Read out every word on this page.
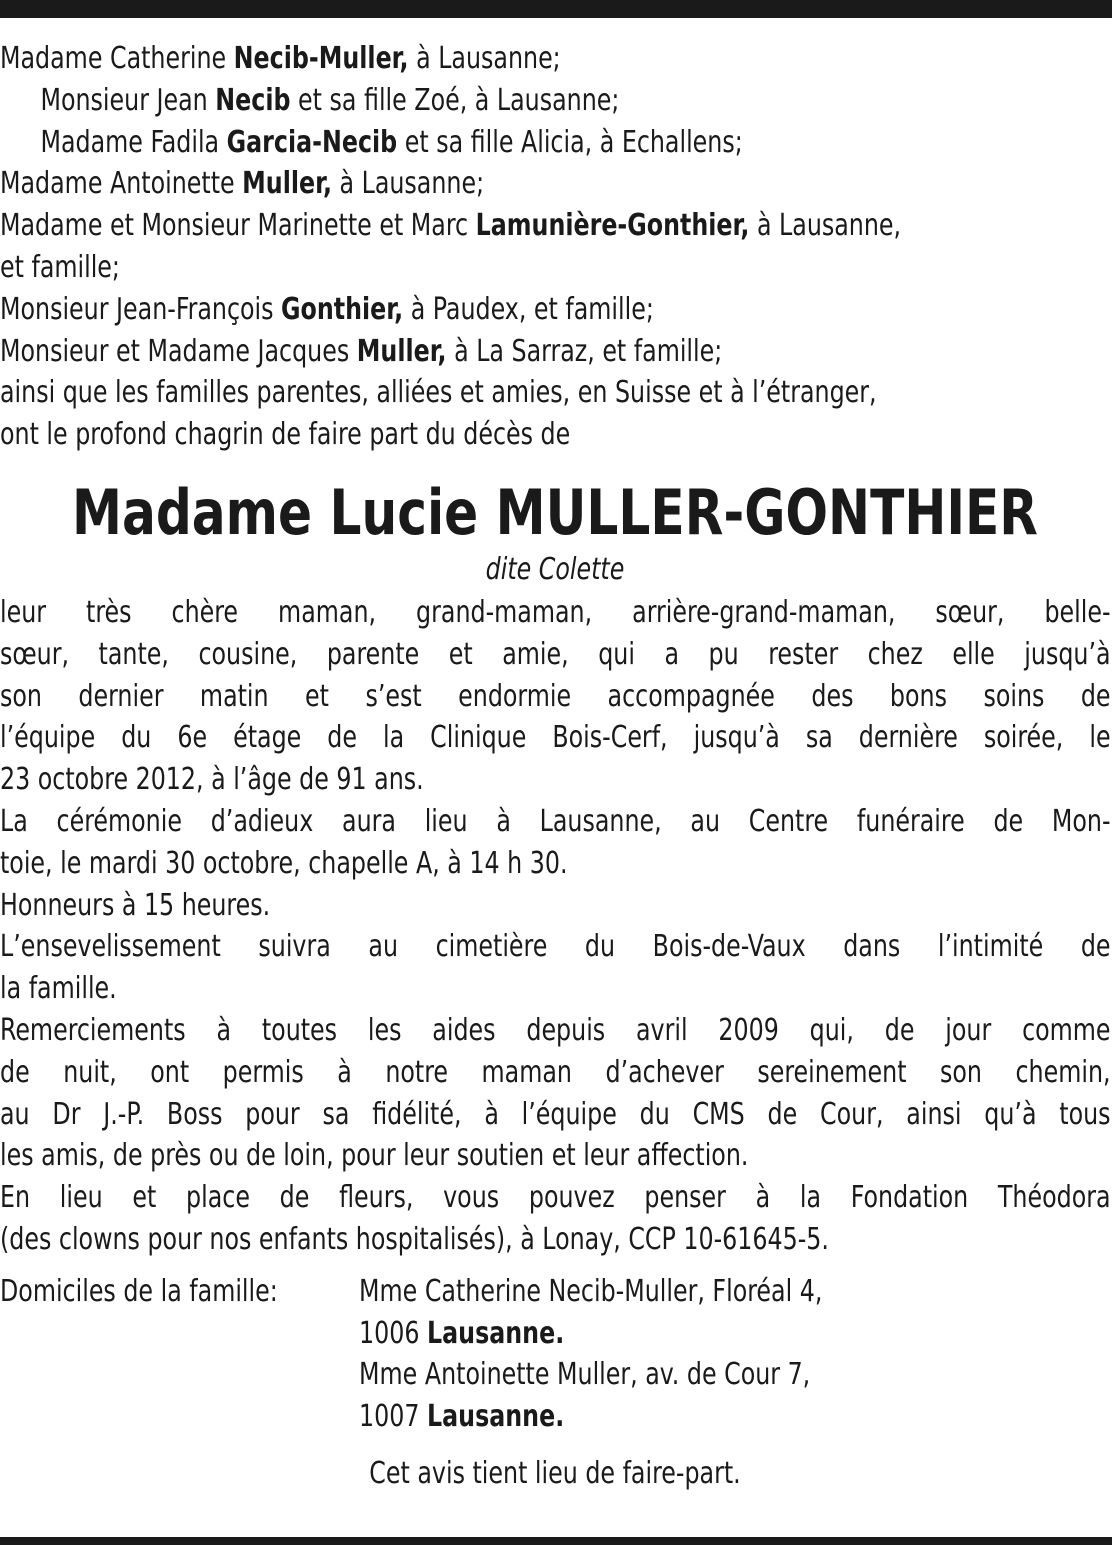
Madame Catherine Necib-Muller, à Lausanne;
Monsieur Jean Necib et sa fille Zoé, à Lausanne;
Madame Fadila Garcia-Necib et sa fille Alicia, à Echallens;
Madame Antoinette Muller, à Lausanne;
Madame et Monsieur Marinette et Marc Lamunière-Gonthier, à Lausanne,
et famille;
Monsieur Jean-François Gonthier, à Paudex, et famille;
Monsieur et Madame Jacques Muller, à La Sarraz, et famille;
ainsi que les familles parentes, alliées et amies, en Suisse et à l’étranger,
ont le profond chagrin de faire part du décès de
Madame Lucie MULLER-GONTHIER
dite Colette
leur très chère maman, grand-maman, arrière-grand-maman, sœur, belle-
sœur, tante, cousine, parente et amie, qui a pu rester chez elle jusqu’à
son dernier matin et s’est endormie accompagnée des bons soins de
l’équipe du 6e étage de la Clinique Bois-Cerf, jusqu’à sa dernière soirée, le
23 octobre 2012, à l’âge de 91 ans.
La cérémonie d’adieux aura lieu à Lausanne, au Centre funéraire de Mon-
toie, le mardi 30 octobre, chapelle A, à 14 h 30.
Honneurs à 15 heures.
L’ensevelissement suivra au cimetière du Bois-de-Vaux dans l’intimité de
la famille.
Remerciements à toutes les aides depuis avril 2009 qui, de jour comme
de nuit, ont permis à notre maman d’achever sereinement son chemin,
au Dr J.-P. Boss pour sa fidélité, à l’équipe du CMS de Cour, ainsi qu’à tous
les amis, de près ou de loin, pour leur soutien et leur affection.
En lieu et place de fleurs, vous pouvez penser à la Fondation Théodora
(des clowns pour nos enfants hospitalisés), à Lonay, CCP 10-61645-5.
Domiciles de la famille:	Mme Catherine Necib-Muller, Floréal 4,
1006 Lausanne.
Mme Antoinette Muller, av. de Cour 7,
1007 Lausanne.
Cet avis tient lieu de faire-part.
